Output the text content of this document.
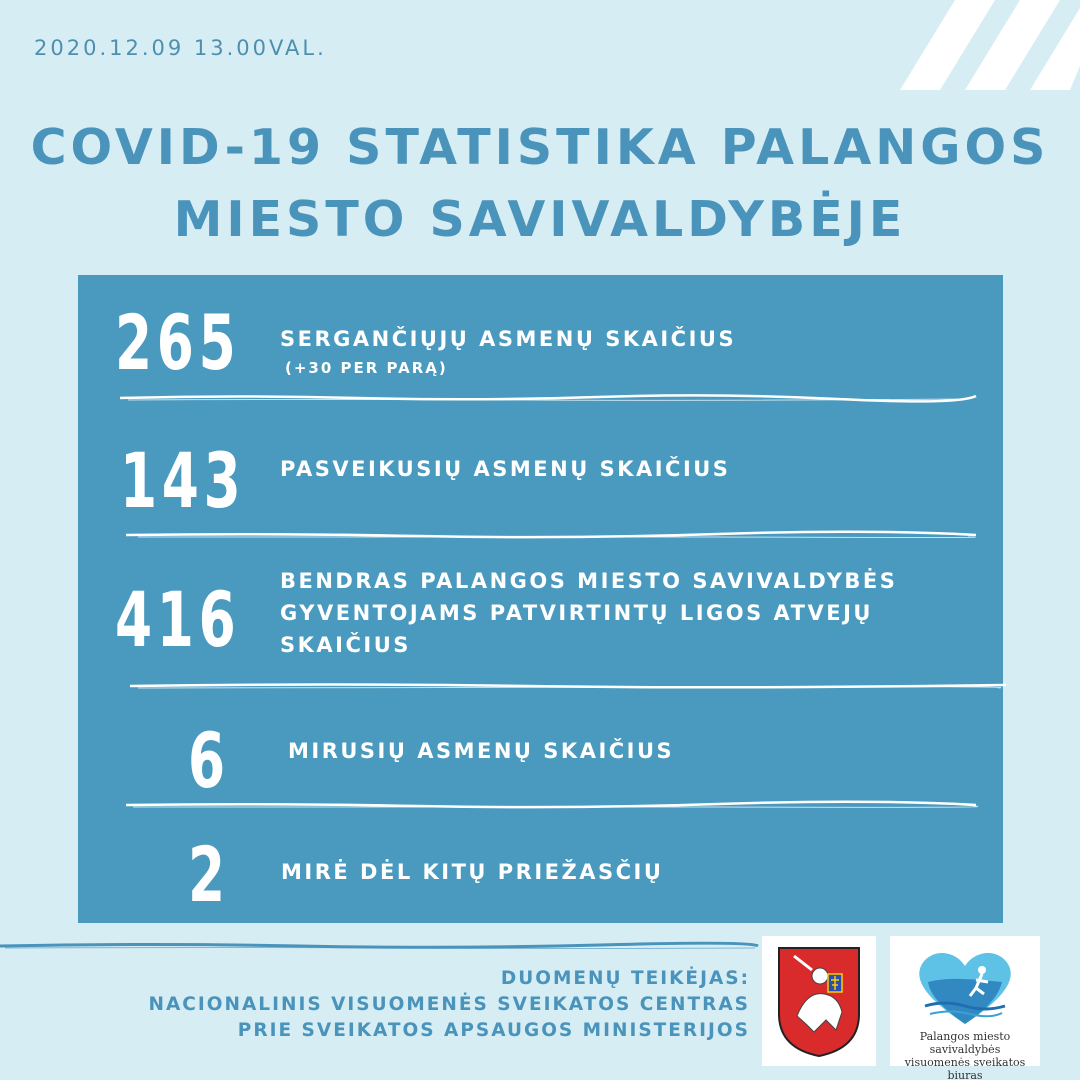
2020.12.09 13.00VAL.
COVID-19 STATISTIKA PALANGOS
MIESTO SAVIVALDYBĖJE
265 SERGANČIŲJŲ ASMENŲ SKAIČIUS
(+30 PER PARĄ)
143 PASVEIKUSIŲ ASMENŲ SKAIČIUS
416 BENDRAS PALANGOS MIESTO SAVIVALDYBĖS
GYVENTOJAMS PATVIRTINTŲ LIGOS ATVEJŲ
SKAIČIUS
6	MIRUSIŲ ASMENŲ SKAIČIUS
2 MIRĖ DĖL KITŲ PRIEŽASČIŲ
DUOMENŲ TEIKĖJAS:
NACIONALINIS VISUOMENĖS SVEIKATOS CENTRAS
PRIE SVEIKATOS APSAUGOS MINISTERIJOS	Palangos miesto savivaldybės
visuomenės sveikatos biuras
